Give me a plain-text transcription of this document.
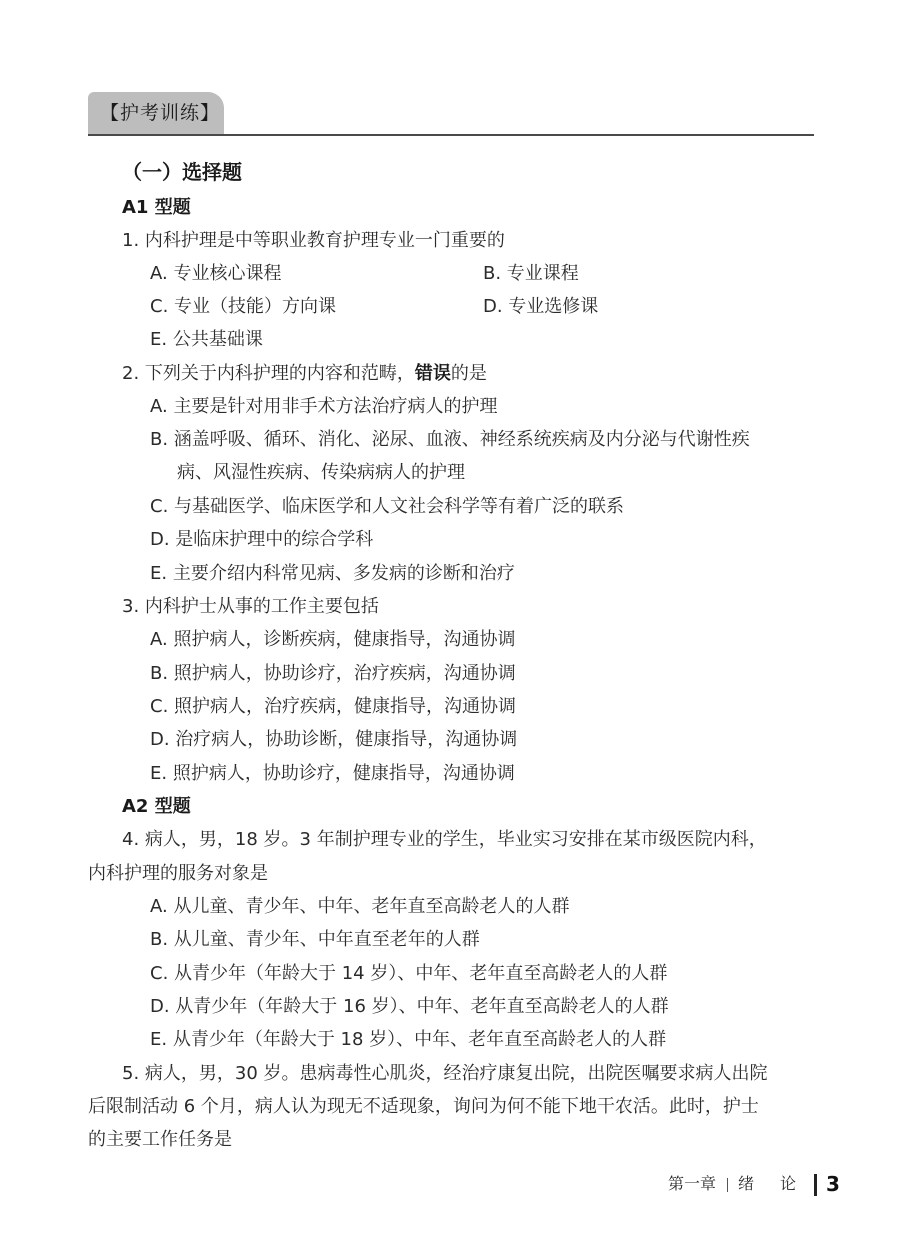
【护考训练】
（一）选择题
A1 型题
1. 内科护理是中等职业教育护理专业一门重要的
A. 专业核心课程	B. 专业课程
C. 专业（技能）方向课	D. 专业选修课
E. 公共基础课
2. 下列关于内科护理的内容和范畴，错误的是
A. 主要是针对用非手术方法治疗病人的护理
B. 涵盖呼吸、循环、消化、泌尿、血液、神经系统疾病及内分泌与代谢性疾
病、风湿性疾病、传染病病人的护理
C. 与基础医学、临床医学和人文社会科学等有着广泛的联系
D. 是临床护理中的综合学科
E. 主要介绍内科常见病、多发病的诊断和治疗
3. 内科护士从事的工作主要包括
A. 照护病人，诊断疾病，健康指导，沟通协调
B. 照护病人，协助诊疗，治疗疾病，沟通协调
C. 照护病人，治疗疾病，健康指导，沟通协调
D. 治疗病人，协助诊断，健康指导，沟通协调
E. 照护病人，协助诊疗，健康指导，沟通协调
A2 型题
4. 病人，男，18 岁。3 年制护理专业的学生，毕业实习安排在某市级医院内科，
内科护理的服务对象是
A. 从儿童、青少年、中年、老年直至高龄老人的人群
B. 从儿童、青少年、中年直至老年的人群
C. 从青少年（年龄大于 14 岁）、中年、老年直至高龄老人的人群
D. 从青少年（年龄大于 16 岁）、中年、老年直至高龄老人的人群
E. 从青少年（年龄大于 18 岁）、中年、老年直至高龄老人的人群
5. 病人，男，30 岁。患病毒性心肌炎，经治疗康复出院，出院医嘱要求病人出院
后限制活动 6 个月，病人认为现无不适现象，询问为何不能下地干农活。此时，护士
的主要工作任务是
第一章 绪 论 3
